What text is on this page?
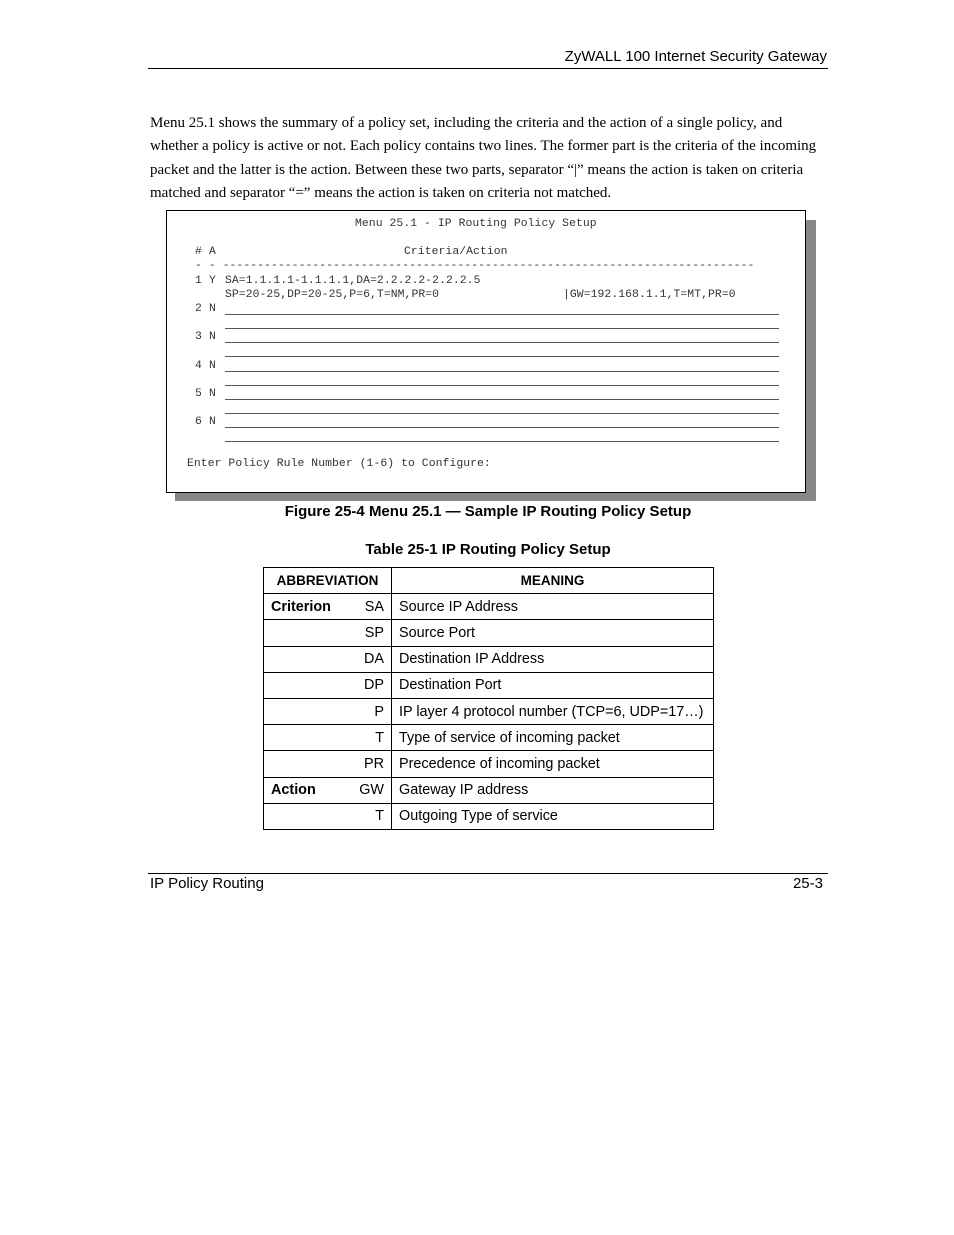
ZyWALL 100 Internet Security Gateway
Menu 25.1 shows the summary of a policy set, including the criteria and the action of a single policy, and whether a policy is active or not. Each policy contains two lines. The former part is the criteria of the incoming packet and the latter is the action. Between these two parts, separator “|” means the action is taken on criteria matched and separator “=” means the action is taken on criteria not matched.
Menu 25.1 - IP Routing Policy Setup
# A	Criteria/Action
- - -----------------------------------------------------------------------------
1 Y SA=1.1.1.1-1.1.1.1,DA=2.2.2.2-2.2.2.5
SP=20-25,DP=20-25,P=6,T=NM,PR=0	|GW=192.168.1.1,T=MT,PR=0
2 N
3 N
4 N
5 N
6 N
Enter Policy Rule Number (1-6) to Configure:
Figure 25-4 Menu 25.1 — Sample IP Routing Policy Setup
Table 25-1 IP Routing Policy Setup
ABBREVIATION	MEANING

Criterion SA	Source IP Address

SP	Source Port

DA	Destination IP Address

DP	Destination Port

P	IP layer 4 protocol number (TCP=6, UDP=17…)

T	Type of service of incoming packet

PR	Precedence of incoming packet

Action GW	Gateway IP address

T	Outgoing Type of service
IP Policy Routing	25-3
